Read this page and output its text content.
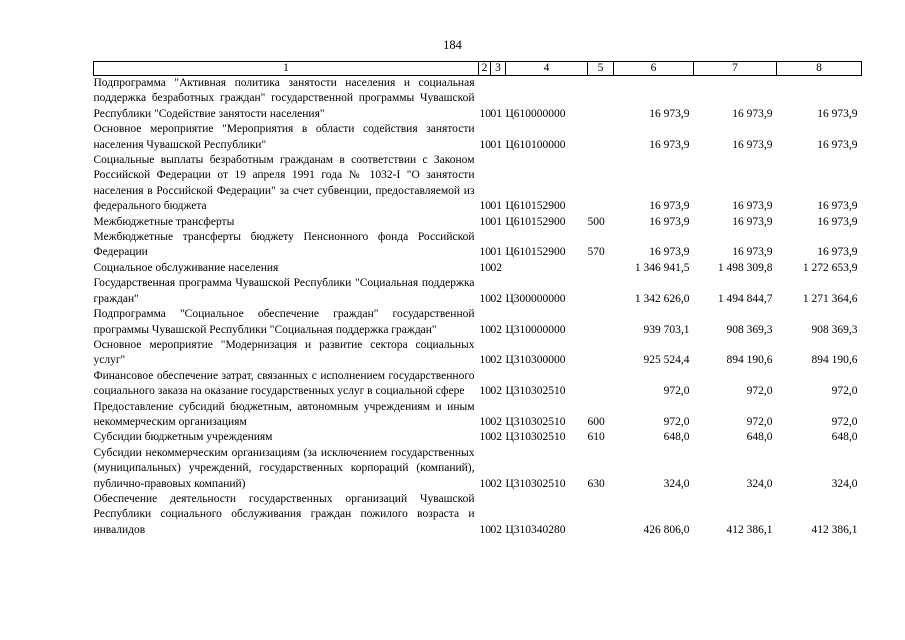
184
1	2	3	4	5	6	7	8
Подпрограмма "Активная политика занятости населения и социальная поддержка безработных граждан" государственной программы Чувашской Республики "Содействие занятости населения"	10	01	Ц610000000		16 973,9	16 973,9	16 973,9
Основное мероприятие "Мероприятия в области содействия занятости населения Чувашской Республики"	10	01	Ц610100000		16 973,9	16 973,9	16 973,9
Социальные выплаты безработным гражданам в соответствии с Законом Российской Федерации от 19 апреля 1991 года № 1032-I "О занятости населения в Российской Федерации" за счет субвенции, предоставляемой из федерального бюджета	10	01	Ц610152900		16 973,9	16 973,9	16 973,9
Межбюджетные трансферты	10	01	Ц610152900	500	16 973,9	16 973,9	16 973,9
Межбюджетные трансферты бюджету Пенсионного фонда Российской Федерации	10	01	Ц610152900	570	16 973,9	16 973,9	16 973,9
Социальное обслуживание населения	10	02			1 346 941,5	1 498 309,8	1 272 653,9
Государственная программа Чувашской Республики "Социальная поддержка граждан"	10	02	Ц300000000		1 342 626,0	1 494 844,7	1 271 364,6
Подпрограмма "Социальное обеспечение граждан" государственной программы Чувашской Республики "Социальная поддержка граждан"	10	02	Ц310000000		939 703,1	908 369,3	908 369,3
Основное мероприятие "Модернизация и развитие сектора социальных услуг"	10	02	Ц310300000		925 524,4	894 190,6	894 190,6
Финансовое обеспечение затрат, связанных с исполнением государственного социального заказа на оказание государственных услуг в социальной сфере	10	02	Ц310302510		972,0	972,0	972,0
Предоставление субсидий бюджетным, автономным учреждениям и иным некоммерческим организациям	10	02	Ц310302510	600	972,0	972,0	972,0
Субсидии бюджетным учреждениям	10	02	Ц310302510	610	648,0	648,0	648,0
Субсидии некоммерческим организациям (за исключением государственных (муниципальных) учреждений, государственных корпораций (компаний), публично-правовых компаний)	10	02	Ц310302510	630	324,0	324,0	324,0
Обеспечение деятельности государственных организаций Чувашской Республики социального обслуживания граждан пожилого возраста и инвалидов	10	02	Ц310340280		426 806,0	412 386,1	412 386,1
